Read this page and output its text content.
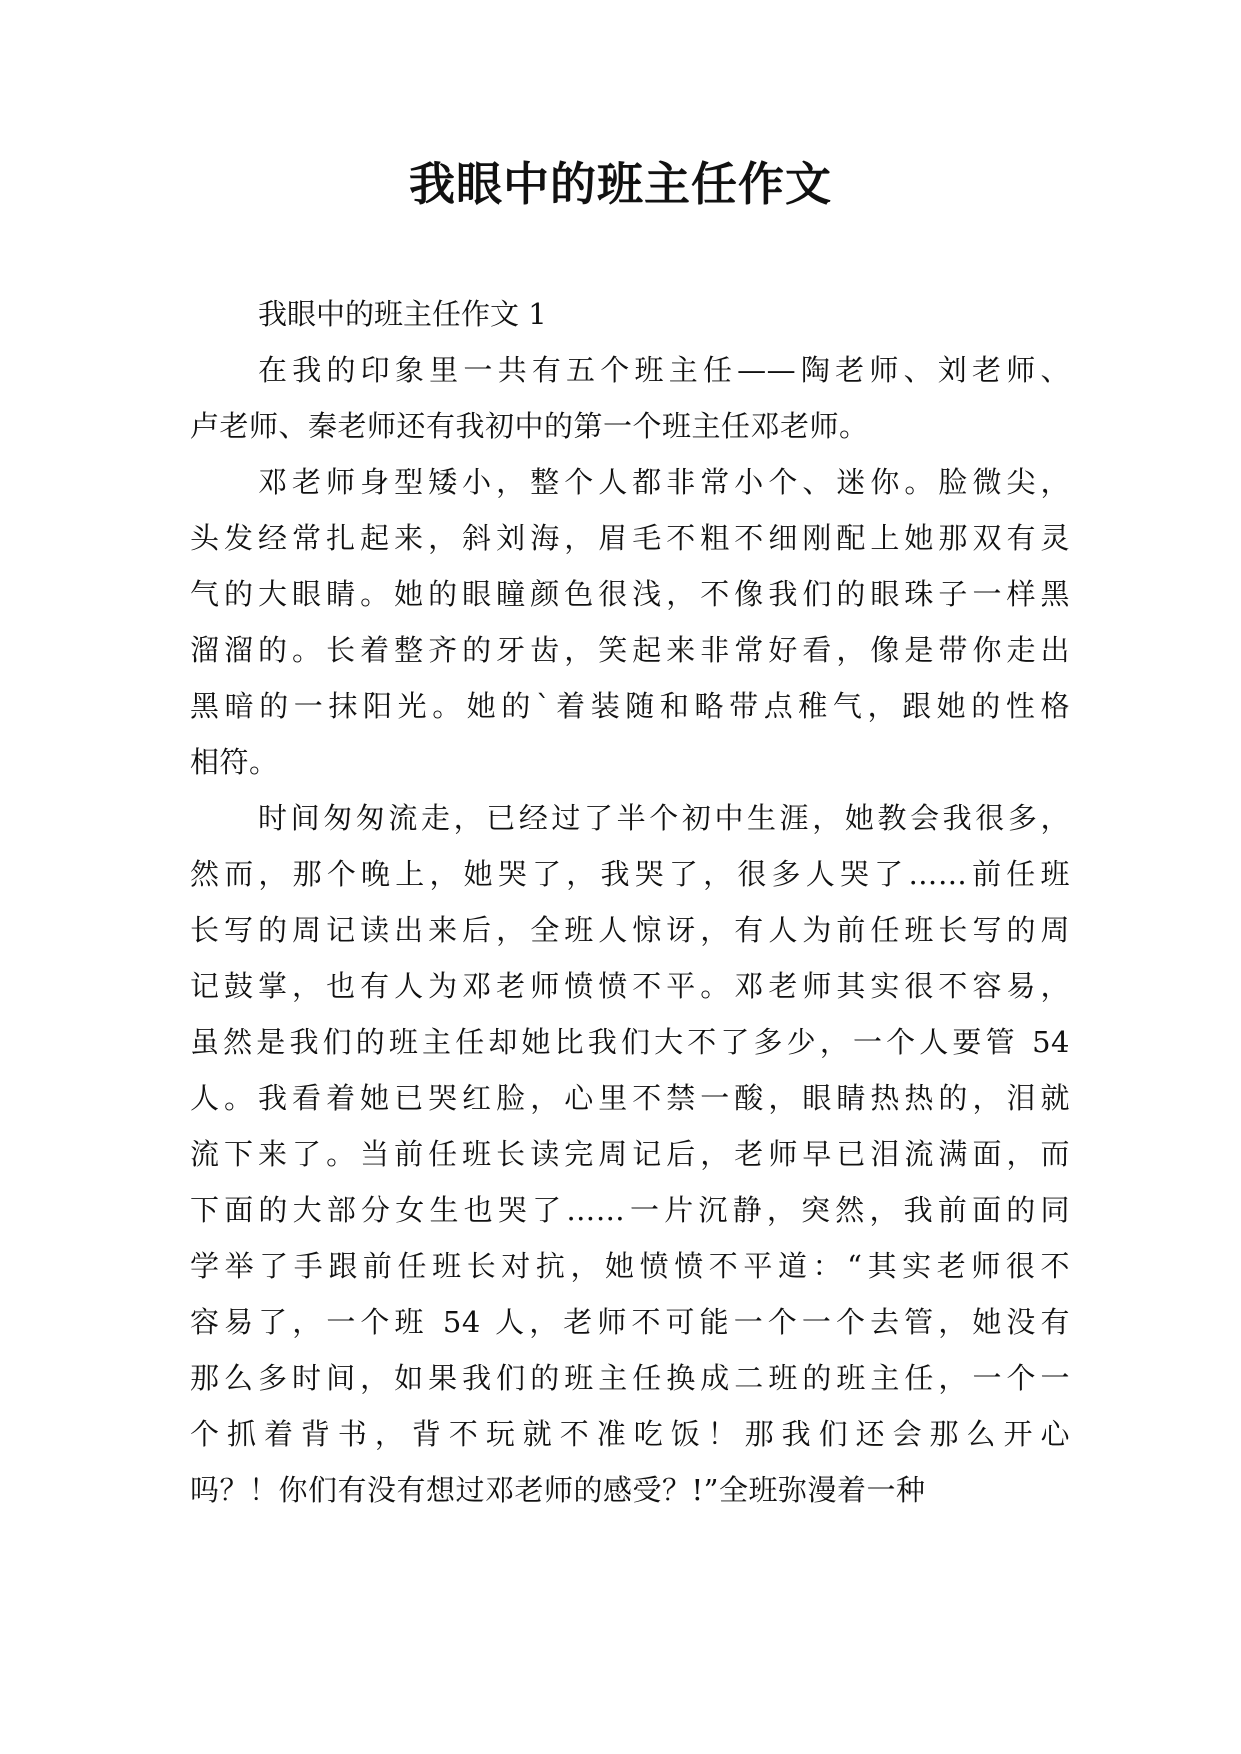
我眼中的班主任作文
我眼中的班主任作文 1

在我的印象里一共有五个班主任——陶老师、刘老师、
卢老师、秦老师还有我初中的第一个班主任邓老师。

邓老师身型矮小，整个人都非常小个、迷你。脸微尖，
头发经常扎起来，斜刘海，眉毛不粗不细刚配上她那双有灵
气的大眼睛。她的眼瞳颜色很浅，不像我们的眼珠子一样黑
溜溜的。长着整齐的牙齿，笑起来非常好看，像是带你走出
黑暗的一抹阳光。她的`着装随和略带点稚气，跟她的性格
相符。

时间匆匆流走，已经过了半个初中生涯，她教会我很多，
然而，那个晚上，她哭了，我哭了，很多人哭了……前任班
长写的周记读出来后，全班人惊讶，有人为前任班长写的周
记鼓掌，也有人为邓老师愤愤不平。邓老师其实很不容易，
虽然是我们的班主任却她比我们大不了多少，一个人要管 54
人。我看着她已哭红脸，心里不禁一酸，眼睛热热的，泪就
流下来了。当前任班长读完周记后，老师早已泪流满面，而
下面的大部分女生也哭了……一片沉静，突然，我前面的同
学举了手跟前任班长对抗，她愤愤不平道：“其实老师很不
容易了，一个班 54 人，老师不可能一个一个去管，她没有
那么多时间，如果我们的班主任换成二班的班主任，一个一
个抓着背书，背不玩就不准吃饭！那我们还会那么开心
吗？！你们有没有想过邓老师的感受？!”全班弥漫着一种
